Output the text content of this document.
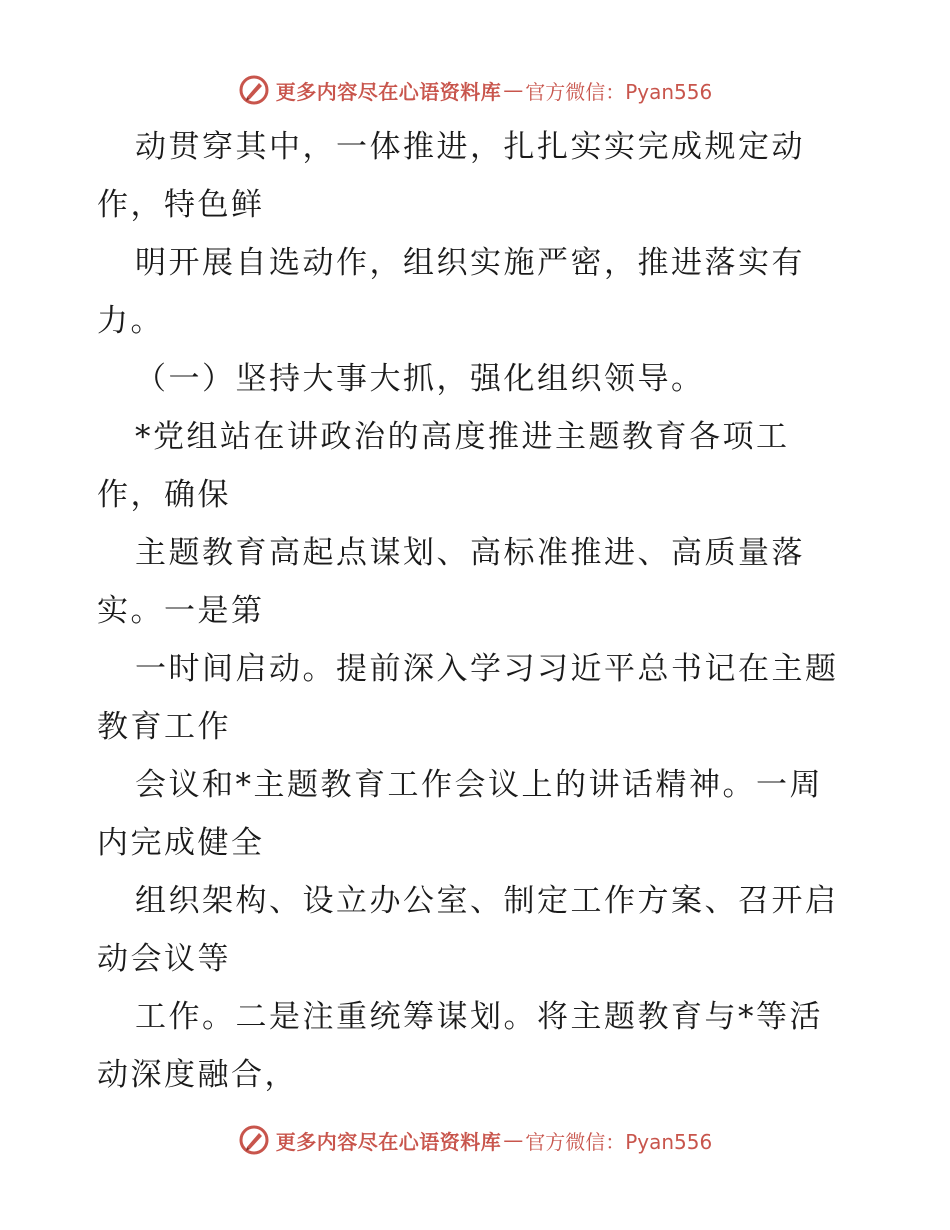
更多内容尽在心语资料库 — 官方微信：Pyan556
动贯穿其中，一体推进，扎扎实实完成规定动
作，特色鲜
明开展自选动作，组织实施严密，推进落实有
力。
（一）坚持大事大抓，强化组织领导。
*党组站在讲政治的高度推进主题教育各项工
作，确保
主题教育高起点谋划、高标准推进、高质量落
实。一是第
一时间启动。提前深入学习习近平总书记在主题
教育工作
会议和*主题教育工作会议上的讲话精神。一周
内完成健全
组织架构、设立办公室、制定工作方案、召开启
动会议等
工作。二是注重统筹谋划。将主题教育与*等活
动深度融合，
更多内容尽在心语资料库 — 官方微信：Pyan556
